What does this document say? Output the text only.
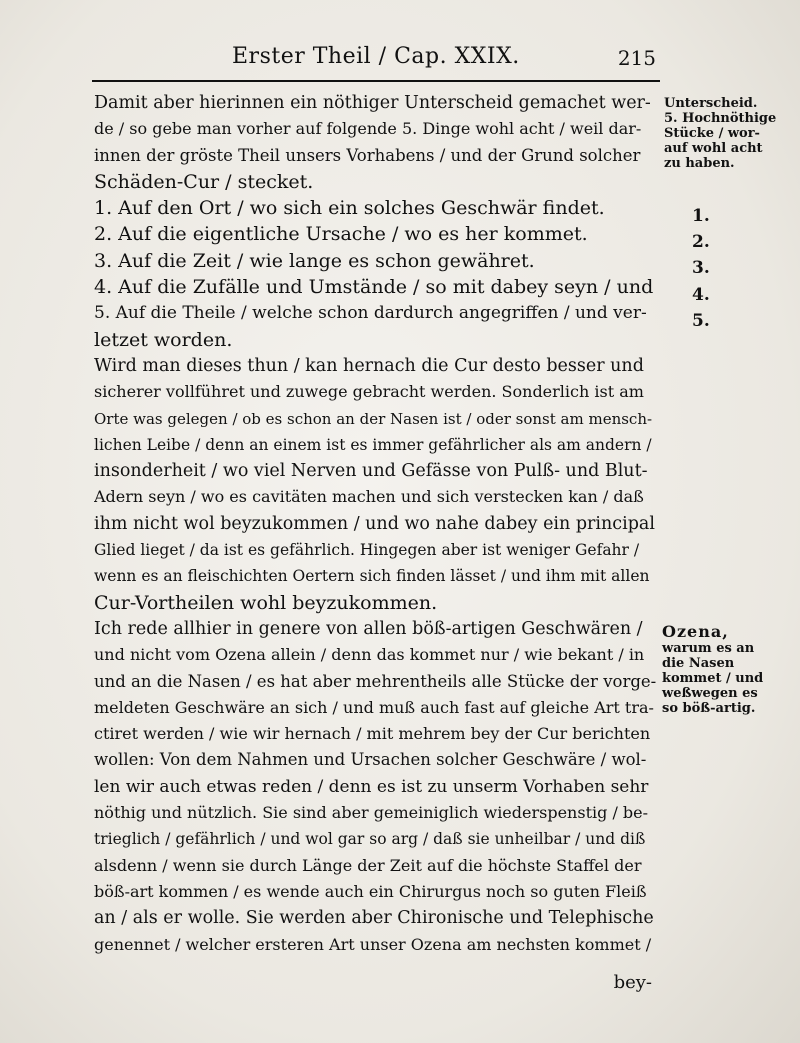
Erster Theil / Cap. XXIX.	215
Damit aber hierinnen ein nöthiger Unterscheid gemachet wer-
de / so gebe man vorher auf folgende 5. Dinge wohl acht / weil dar-
innen der gröste Theil unsers Vorhabens / und der Grund solcher
Schäden-Cur / stecket.
1. Auf den Ort / wo sich ein solches Geschwär findet.
2. Auf die eigentliche Ursache / wo es her kommet.
3. Auf die Zeit / wie lange es schon gewähret.
4. Auf die Zufälle und Umstände / so mit dabey seyn / und
5. Auf die Theile / welche schon dardurch angegriffen / und ver-
letzet worden.
Wird man dieses thun / kan hernach die Cur desto besser und
sicherer vollführet und zuwege gebracht werden. Sonderlich ist am
Orte was gelegen / ob es schon an der Nasen ist / oder sonst am mensch-
lichen Leibe / denn an einem ist es immer gefährlicher als am andern /
insonderheit / wo viel Nerven und Gefässe von Pulß- und Blut-
Adern seyn / wo es cavitäten machen und sich verstecken kan / daß
ihm nicht wol beyzukommen / und wo nahe dabey ein principal
Glied lieget / da ist es gefährlich. Hingegen aber ist weniger Gefahr /
wenn es an fleischichten Oertern sich finden lässet / und ihm mit allen
Cur-Vortheilen wohl beyzukommen.
Ich rede allhier in genere von allen böß-artigen Geschwären /
und nicht vom Ozena allein / denn das kommet nur / wie bekant / in
und an die Nasen / es hat aber mehrentheils alle Stücke der vorge-
meldeten Geschwäre an sich / und muß auch fast auf gleiche Art tra-
ctiret werden / wie wir hernach / mit mehrem bey der Cur berichten
wollen: Von dem Nahmen und Ursachen solcher Geschwäre / wol-
len wir auch etwas reden / denn es ist zu unserm Vorhaben sehr
nöthig und nützlich. Sie sind aber gemeiniglich wiederspenstig / be-
trieglich / gefährlich / und wol gar so arg / daß sie unheilbar / und diß
alsdenn / wenn sie durch Länge der Zeit auf die höchste Staffel der
böß-art kommen / es wende auch ein Chirurgus noch so guten Fleiß
an / als er wolle. Sie werden aber Chironische und Telephische
genennet / welcher ersteren Art unser Ozena am nechsten kommet /
bey-
Unterscheid.
5. Hochnöthige
Stücke / wor-
auf wohl acht
zu haben.
1.
2.
3.
4.
5.
Ozena,
warum es an
die Nasen
kommet / und
weßwegen es
so böß-artig.
